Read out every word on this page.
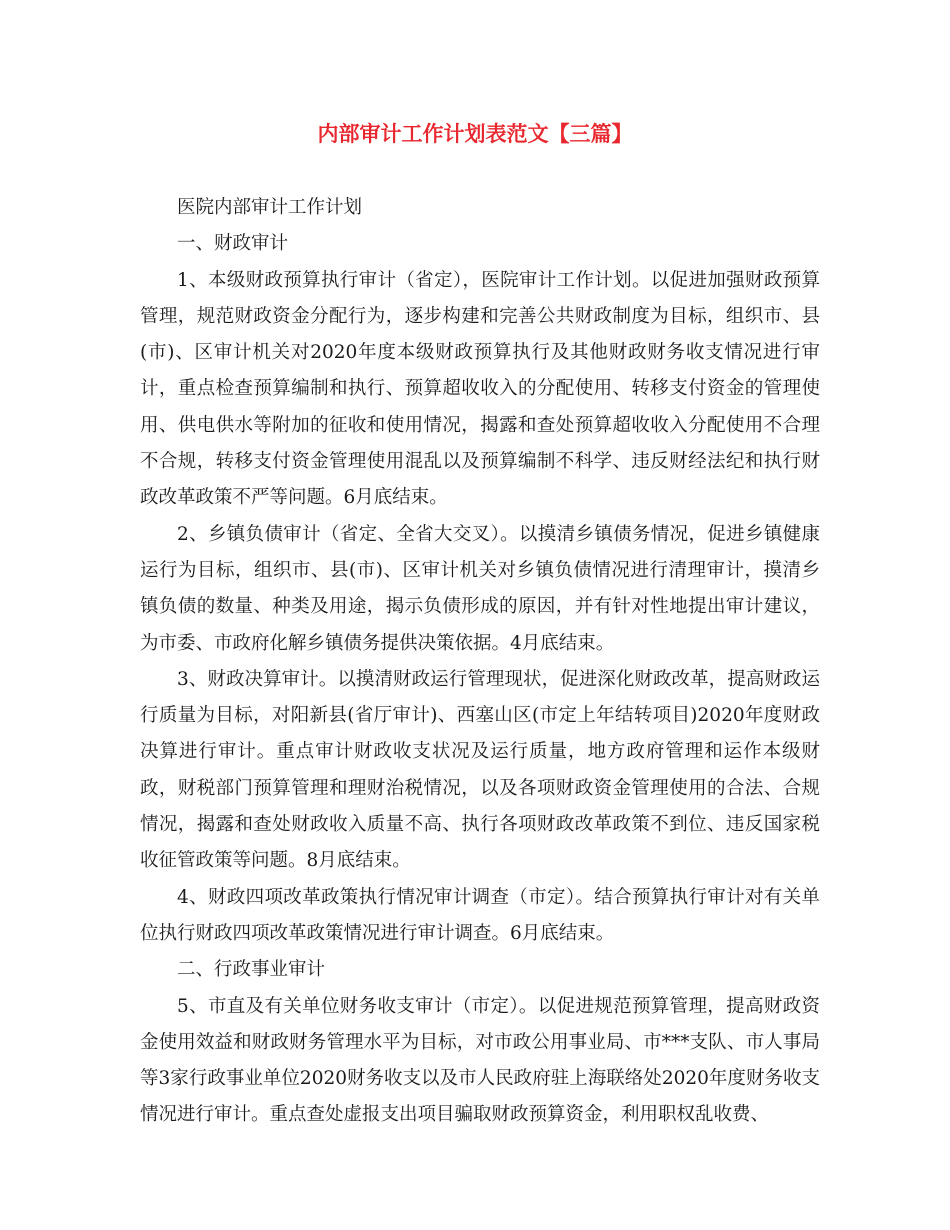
内部审计工作计划表范文【三篇】

医院内部审计工作计划

一、财政审计

1、本级财政预算执行审计（省定），医院审计工作计划。以促进加强财政预算管理，规范财政资金分配行为，逐步构建和完善公共财政制度为目标，组织市、县(市)、区审计机关对2020年度本级财政预算执行及其他财政财务收支情况进行审计，重点检查预算编制和执行、预算超收收入的分配使用、转移支付资金的管理使用、供电供水等附加的征收和使用情况，揭露和查处预算超收收入分配使用不合理不合规，转移支付资金管理使用混乱以及预算编制不科学、违反财经法纪和执行财政改革政策不严等问题。6月底结束。

2、乡镇负债审计（省定、全省大交叉）。以摸清乡镇债务情况，促进乡镇健康运行为目标，组织市、县(市)、区审计机关对乡镇负债情况进行清理审计，摸清乡镇负债的数量、种类及用途，揭示负债形成的原因，并有针对性地提出审计建议，为市委、市政府化解乡镇债务提供决策依据。4月底结束。

3、财政决算审计。以摸清财政运行管理现状，促进深化财政改革，提高财政运行质量为目标，对阳新县(省厅审计)、西塞山区(市定上年结转项目)2020年度财政决算进行审计。重点审计财政收支状况及运行质量，地方政府管理和运作本级财政，财税部门预算管理和理财治税情况，以及各项财政资金管理使用的合法、合规情况，揭露和查处财政收入质量不高、执行各项财政改革政策不到位、违反国家税收征管政策等问题。8月底结束。

4、财政四项改革政策执行情况审计调查（市定）。结合预算执行审计对有关单位执行财政四项改革政策情况进行审计调查。6月底结束。

二、行政事业审计

5、市直及有关单位财务收支审计（市定）。以促进规范预算管理，提高财政资金使用效益和财政财务管理水平为目标，对市政公用事业局、市***支队、市人事局等3家行政事业单位2020财务收支以及市人民政府驻上海联络处2020年度财务收支情况进行审计。重点查处虚报支出项目骗取财政预算资金，利用职权乱收费、
